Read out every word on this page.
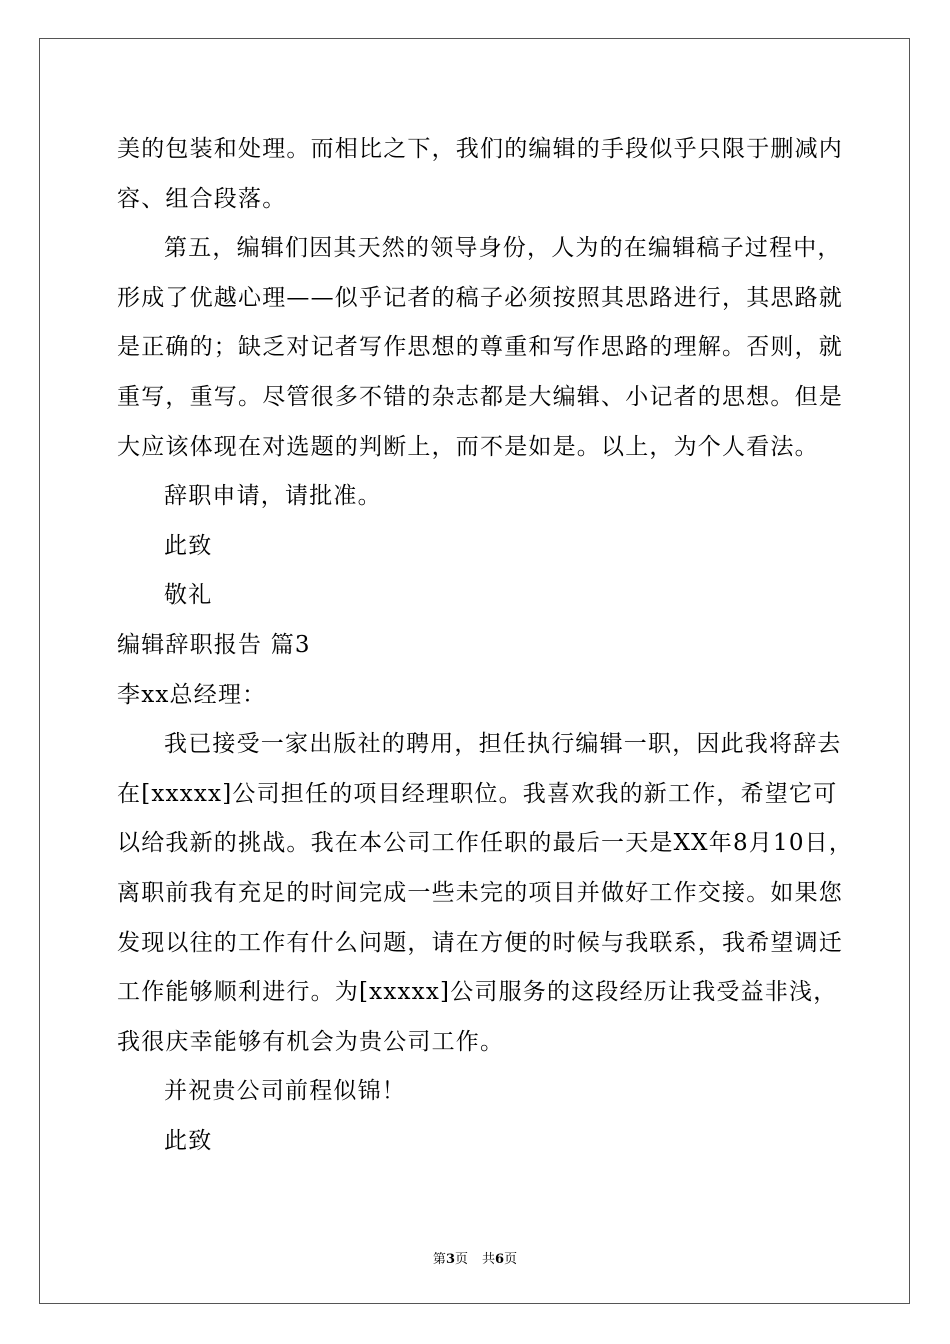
美的包装和处理。而相比之下，我们的编辑的手段似乎只限于删减内
容、组合段落。
第五，编辑们因其天然的领导身份，人为的在编辑稿子过程中，
形成了优越心理——似乎记者的稿子必须按照其思路进行，其思路就
是正确的；缺乏对记者写作思想的尊重和写作思路的理解。否则，就
重写，重写。尽管很多不错的杂志都是大编辑、小记者的思想。但是
大应该体现在对选题的判断上，而不是如是。以上，为个人看法。
辞职申请，请批准。
此致
敬礼
编辑辞职报告 篇3
李xx总经理：
我已接受一家出版社的聘用，担任执行编辑一职，因此我将辞去
在[xxxxx]公司担任的项目经理职位。我喜欢我的新工作，希望它可
以给我新的挑战。我在本公司工作任职的最后一天是XX年8月10日，
离职前我有充足的时间完成一些未完的项目并做好工作交接。如果您
发现以往的工作有什么问题，请在方便的时候与我联系，我希望调迁
工作能够顺利进行。为[xxxxx]公司服务的这段经历让我受益非浅，
我很庆幸能够有机会为贵公司工作。
并祝贵公司前程似锦！
此致
第3页 共6页
